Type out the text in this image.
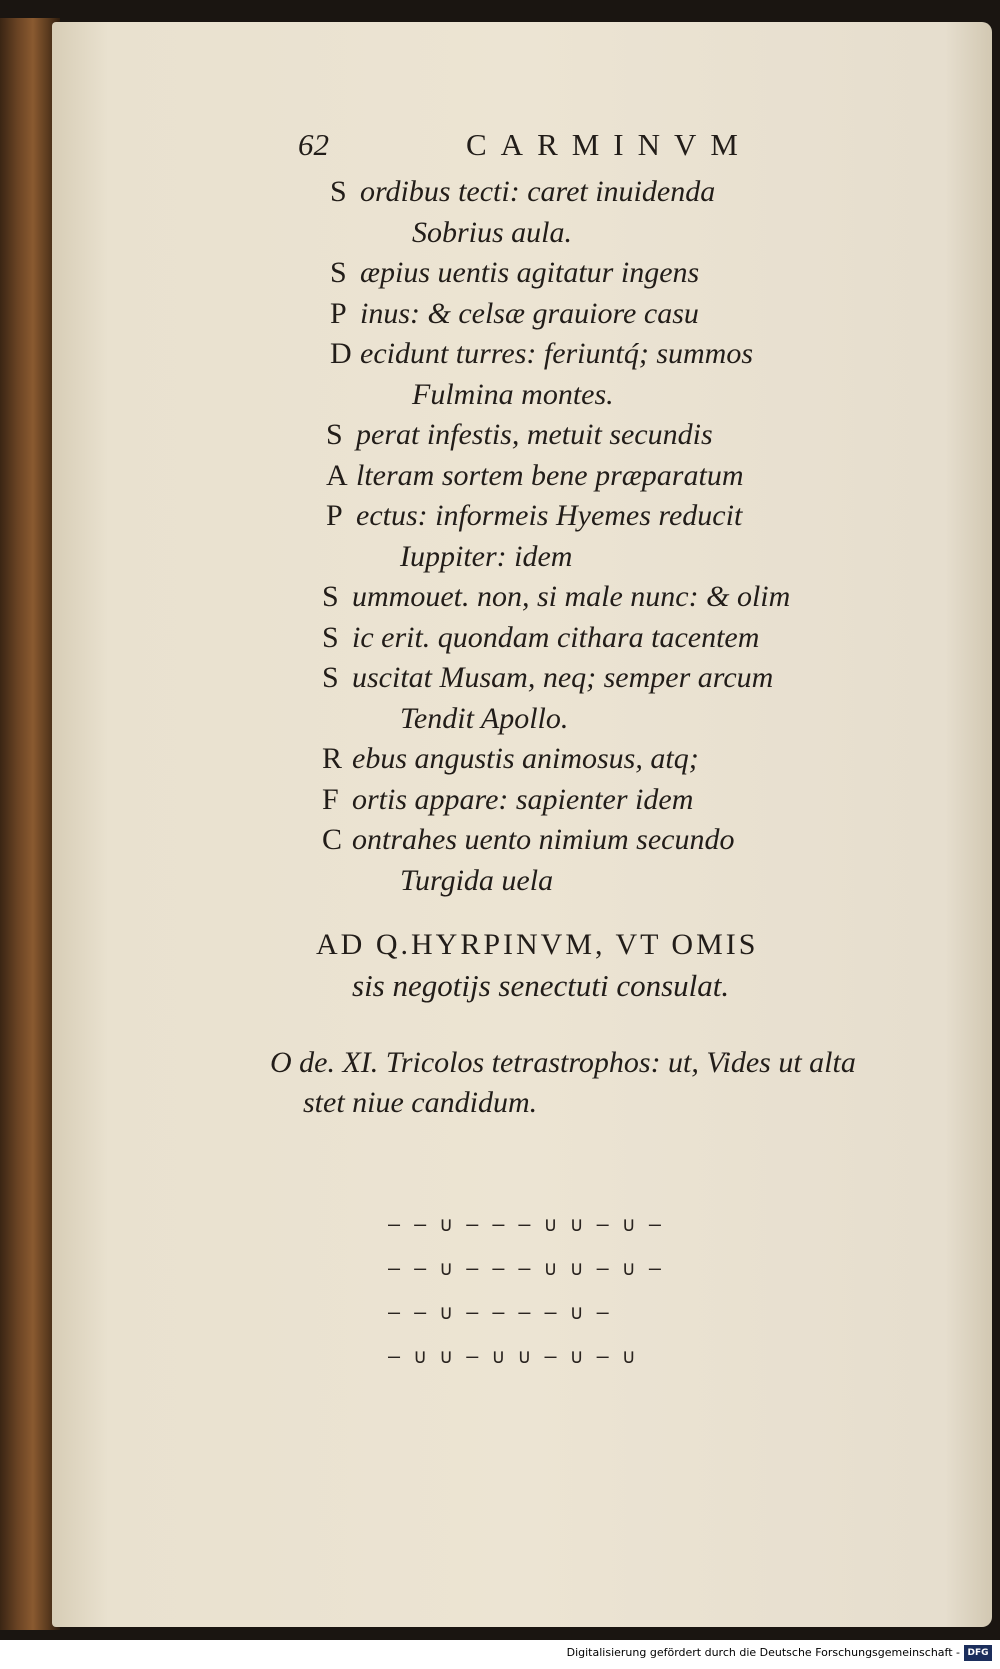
62	CARMINVM
S ordibus tecti: caret inuidenda
Sobrius aula.
S æpius uentis agitatur ingens
P inus: & celsæ grauiore casu
D ecidunt turres: feriuntq́; summos
Fulmina montes.
S perat infestis, metuit secundis
A lteram sortem bene præparatum
P ectus: informeis Hyemes reducit
Iuppiter: idem
S ummouet. non, si male nunc: & olim
S ic erit. quondam cithara tacentem
S uscitat Musam, neq; semper arcum
Tendit Apollo.
R ebus angustis animosus, atq;
F ortis appare: sapienter idem
C ontrahes uento nimium secundo
Turgida uela
AD Q.HYRPINVM, VT OMIS
sis negotijs senectuti consulat.
O de. XI. Tricolos tetrastrophos: ut, Vides ut alta
stet niue candidum.
– – ∪ – – – ∪ ∪ – ∪ –
– – ∪ – – – ∪ ∪ – ∪ –
– – ∪ – – – – ∪ –
– ∪ ∪ – ∪ ∪ – ∪ – ∪
Digitalisierung gefördert durch die Deutsche Forschungsgemeinschaft - DFG
